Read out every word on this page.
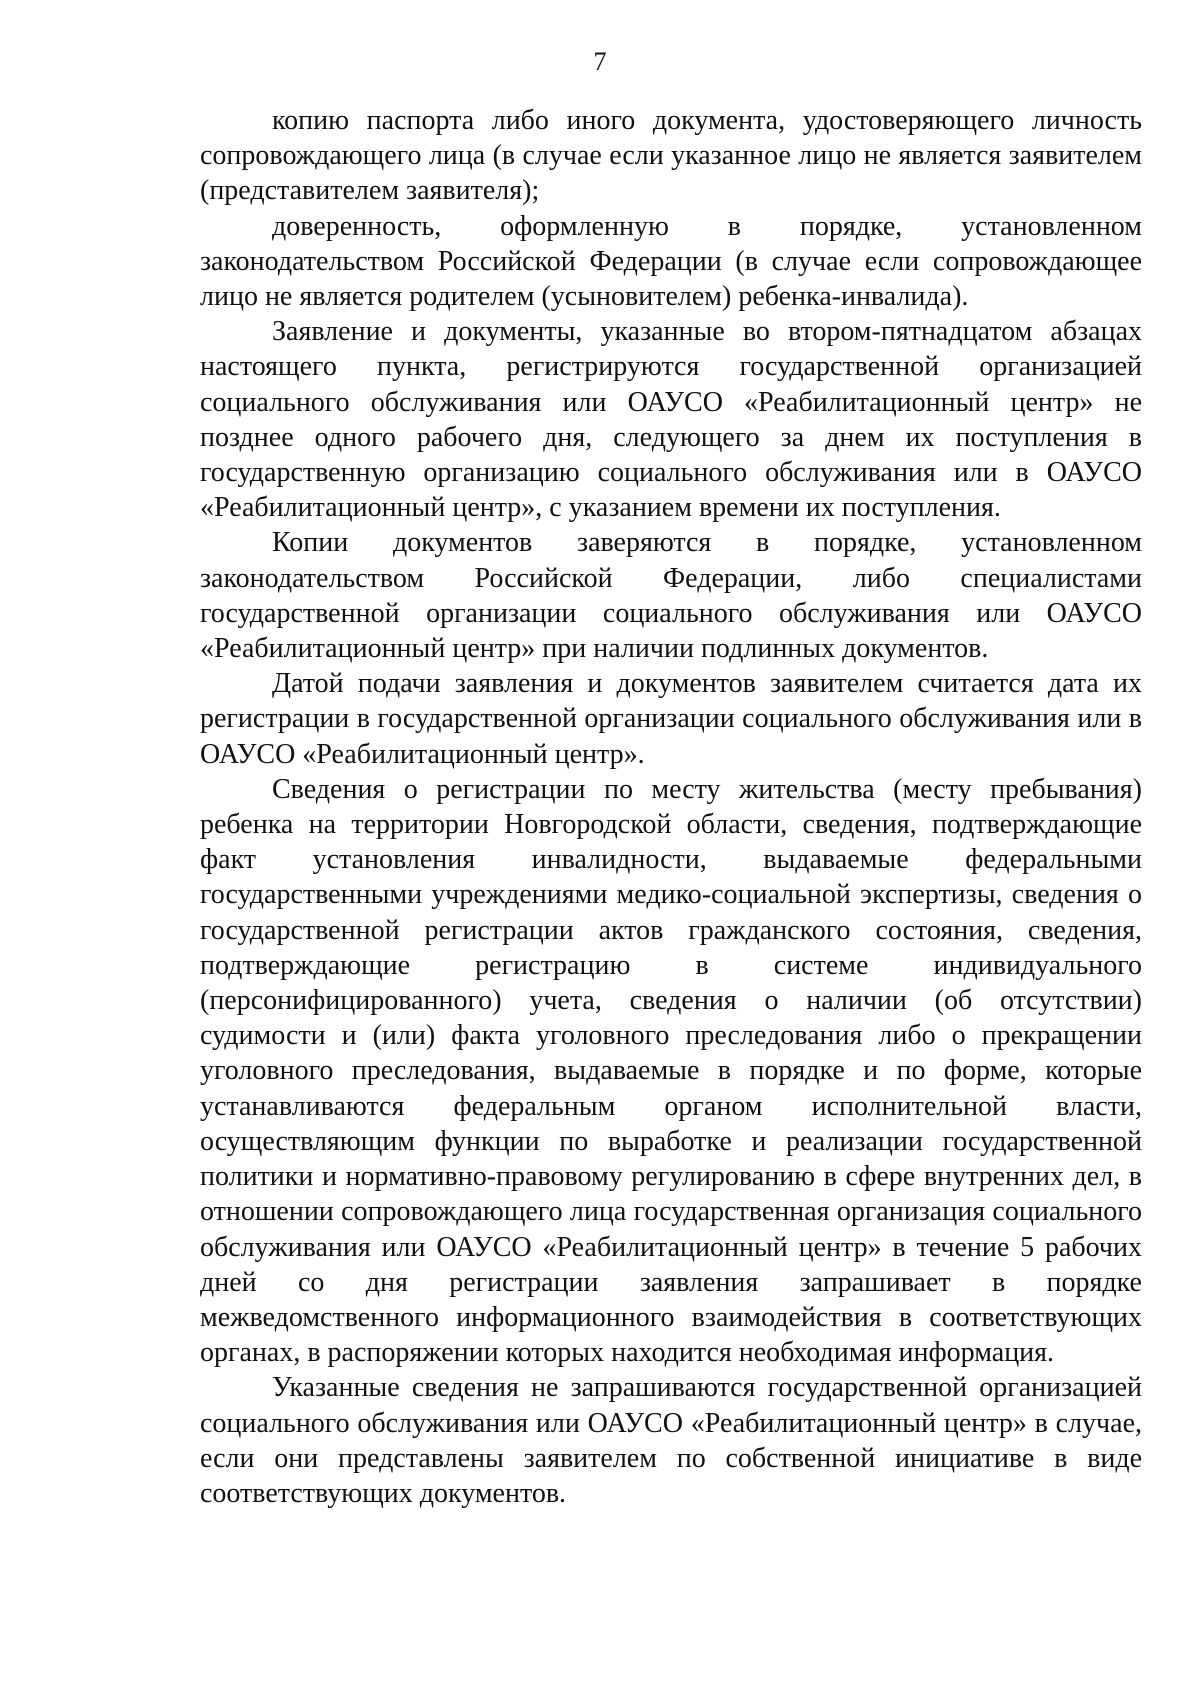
7

копию паспорта либо иного документа, удостоверяющего личность сопровождающего лица (в случае если указанное лицо не является заявителем (представителем заявителя);

доверенность, оформленную в порядке, установленном законодательством Российской Федерации (в случае если сопровождающее лицо не является родителем (усыновителем) ребенка-инвалида).

Заявление и документы, указанные во втором-пятнадцатом абзацах настоящего пункта, регистрируются государственной организацией социального обслуживания или ОАУСО «Реабилитационный центр» не позднее одного рабочего дня, следующего за днем их поступления в государственную организацию социального обслуживания или в ОАУСО «Реабилитационный центр», с указанием времени их поступления.

Копии документов заверяются в порядке, установленном законодательством Российской Федерации, либо специалистами государственной организации социального обслуживания или ОАУСО «Реабилитационный центр» при наличии подлинных документов.

Датой подачи заявления и документов заявителем считается дата их регистрации в государственной организации социального обслуживания или в ОАУСО «Реабилитационный центр».

Сведения о регистрации по месту жительства (месту пребывания) ребенка на территории Новгородской области, сведения, подтверждающие факт установления инвалидности, выдаваемые федеральными государственными учреждениями медико-социальной экспертизы, сведения о государственной регистрации актов гражданского состояния, сведения, подтверждающие регистрацию в системе индивидуального (персонифицированного) учета, сведения о наличии (об отсутствии) судимости и (или) факта уголовного преследования либо о прекращении уголовного преследования, выдаваемые в порядке и по форме, которые устанавливаются федеральным органом исполнительной власти, осуществляющим функции по выработке и реализации государственной политики и нормативно-правовому регулированию в сфере внутренних дел, в отношении сопровождающего лица государственная организация социального обслуживания или ОАУСО «Реабилитационный центр» в течение 5 рабочих дней со дня регистрации заявления запрашивает в порядке межведомственного информационного взаимодействия в соответствующих органах, в распоряжении которых находится необходимая информация.

Указанные сведения не запрашиваются государственной организацией социального обслуживания или ОАУСО «Реабилитационный центр» в случае, если они представлены заявителем по собственной инициативе в виде соответствующих документов.
